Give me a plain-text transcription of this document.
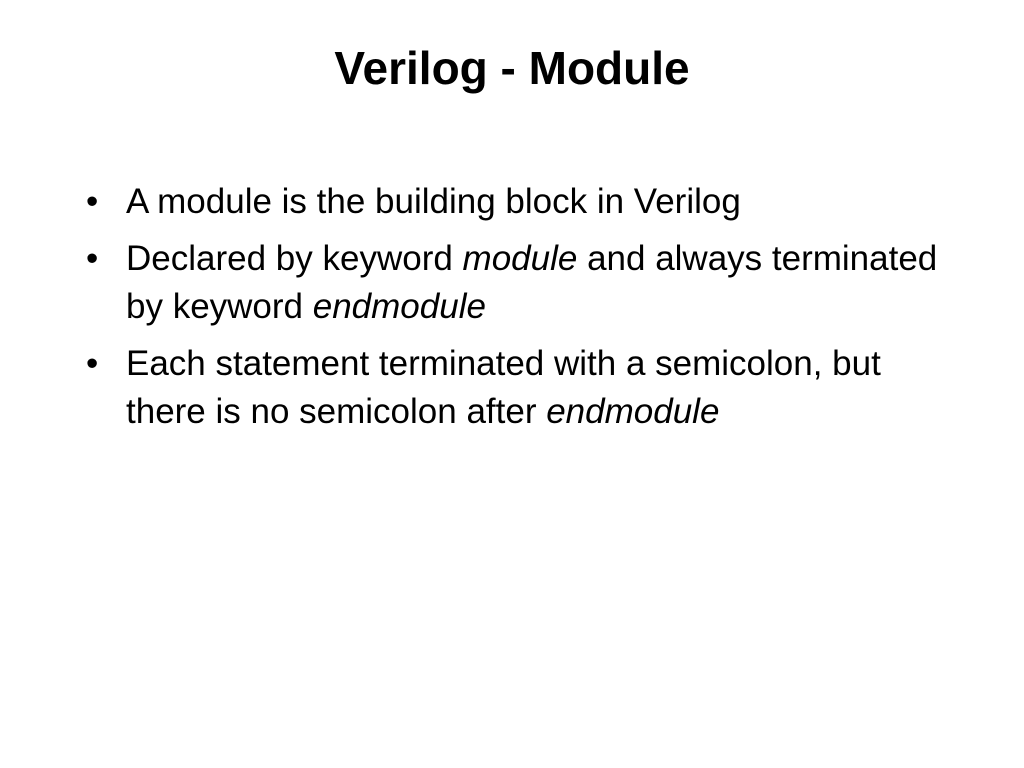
Verilog - Module
• A module is the building block in Verilog
• Declared by keyword module and always terminated by keyword endmodule
• Each statement terminated with a semicolon, but there is no semicolon after endmodule
